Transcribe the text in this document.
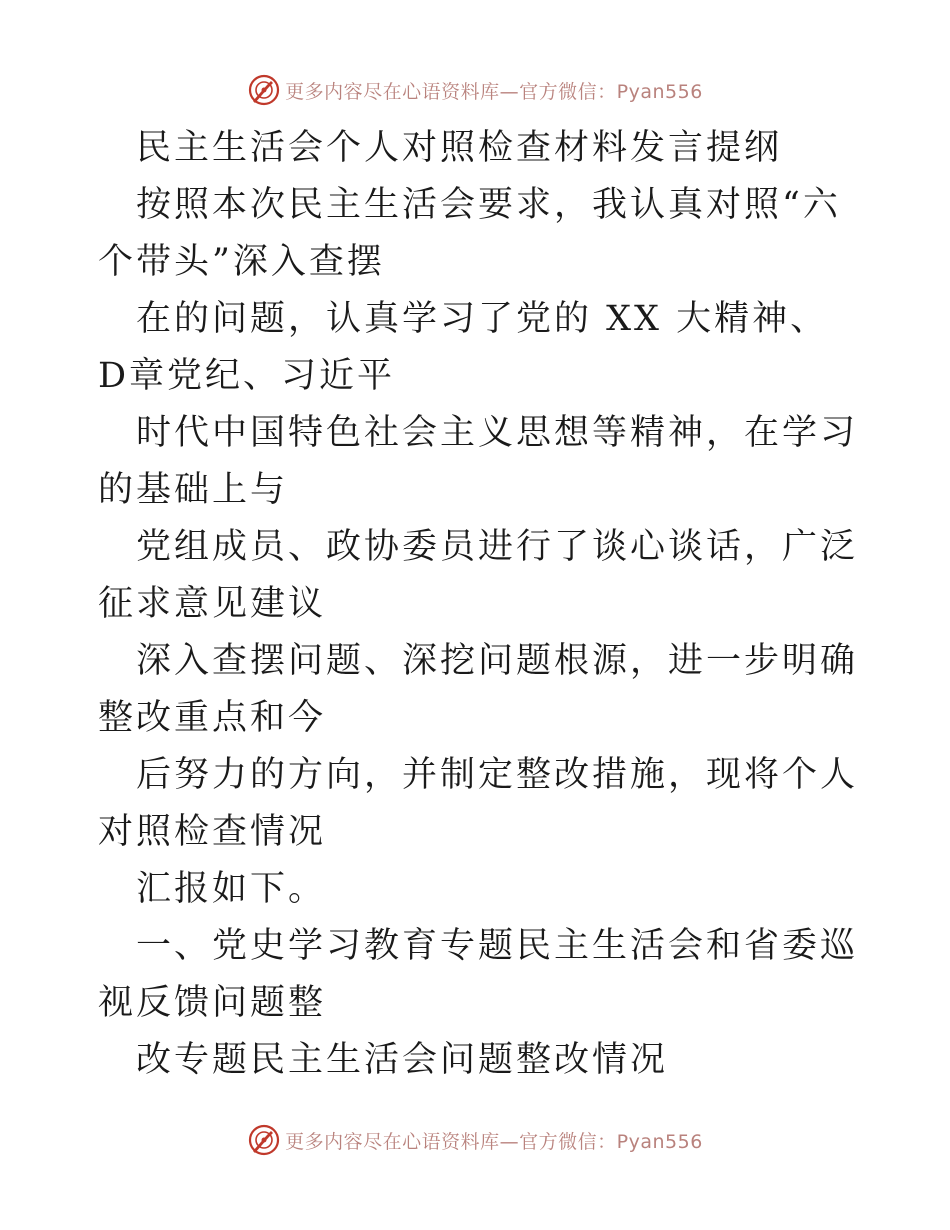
更多内容尽在心语资料库—官方微信：Pyan556

民主生活会个人对照检查材料发言提纲

按照本次民主生活会要求，我认真对照“六个带头”深入查摆

在的问题，认真学习了党的 XX 大精神、D章党纪、习近平

时代中国特色社会主义思想等精神，在学习的基础上与

党组成员、政协委员进行了谈心谈话，广泛征求意见建议

深入查摆问题、深挖问题根源，进一步明确整改重点和今

后努力的方向，并制定整改措施，现将个人对照检查情况

汇报如下。

一、党史学习教育专题民主生活会和省委巡视反馈问题整

改专题民主生活会问题整改情况

更多内容尽在心语资料库—官方微信：Pyan556
